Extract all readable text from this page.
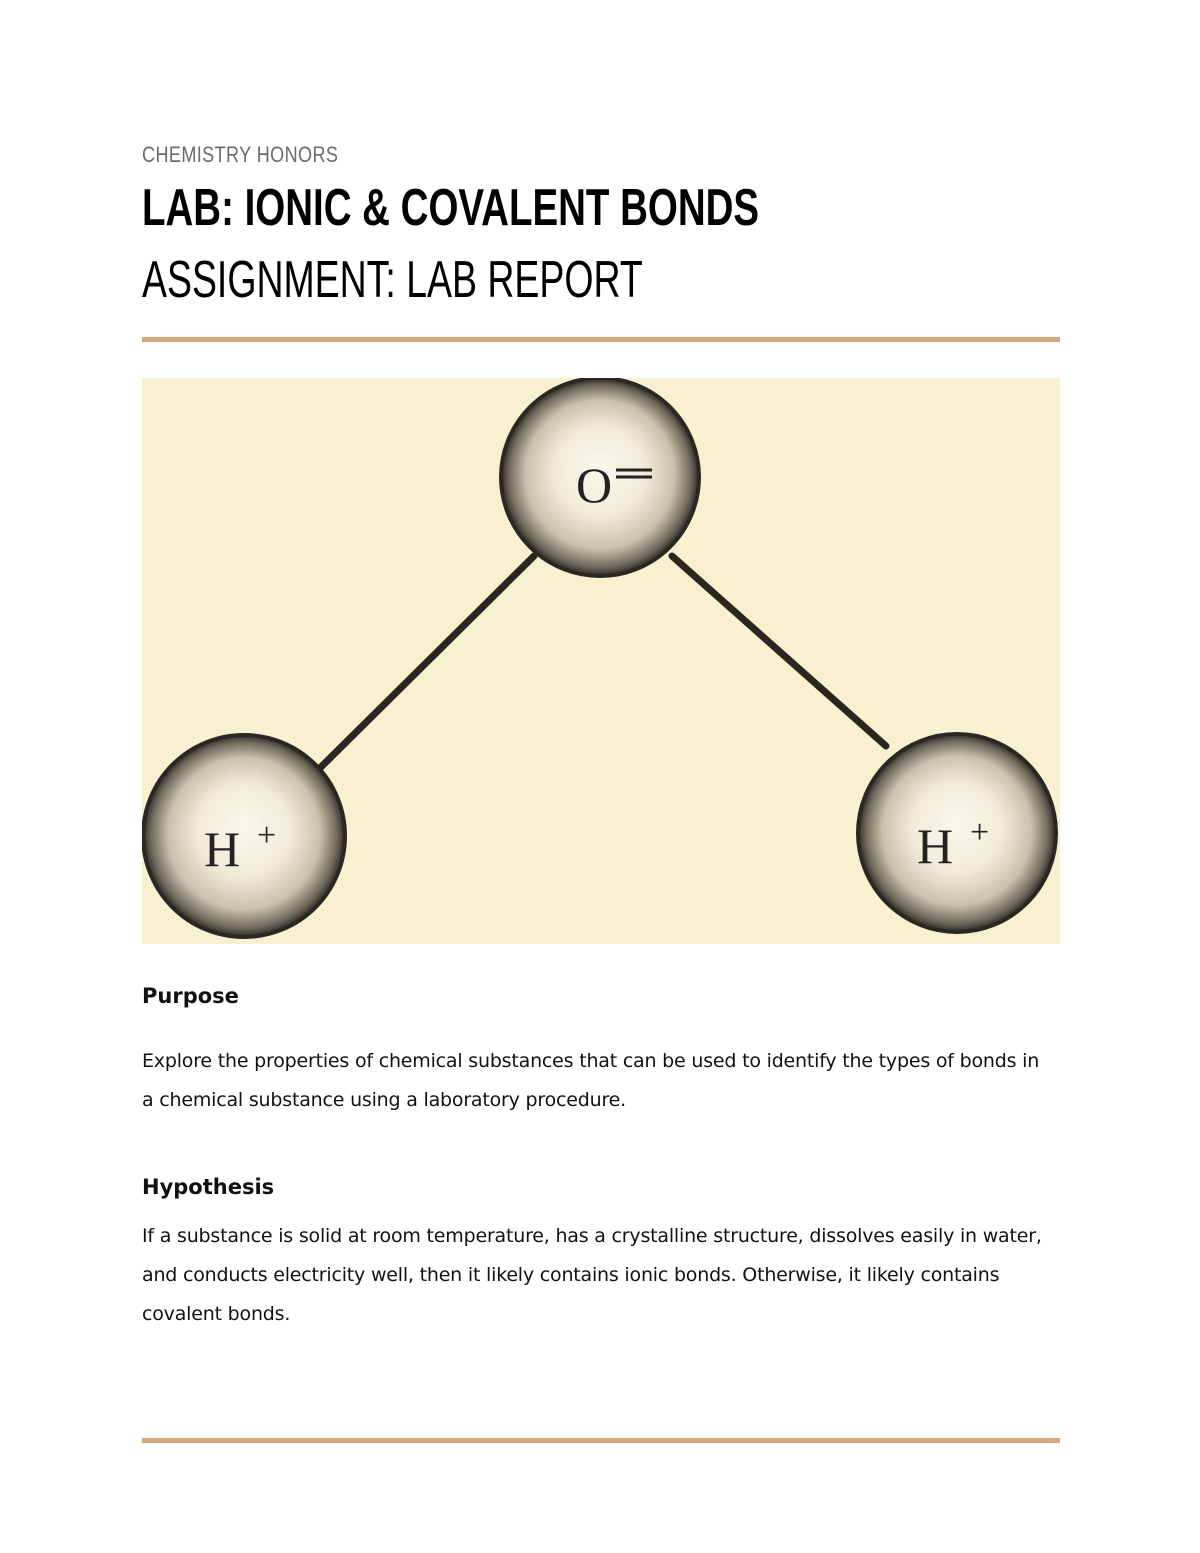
CHEMISTRY HONORS
LAB: IONIC & COVALENT BONDS
ASSIGNMENT: LAB REPORT
O
H +	H +
Purpose
Explore the properties of chemical substances that can be used to identify the types of bonds in a chemical substance using a laboratory procedure.
Hypothesis
If a substance is solid at room temperature, has a crystalline structure, dissolves easily in water, and conducts electricity well, then it likely contains ionic bonds. Otherwise, it likely contains covalent bonds.
